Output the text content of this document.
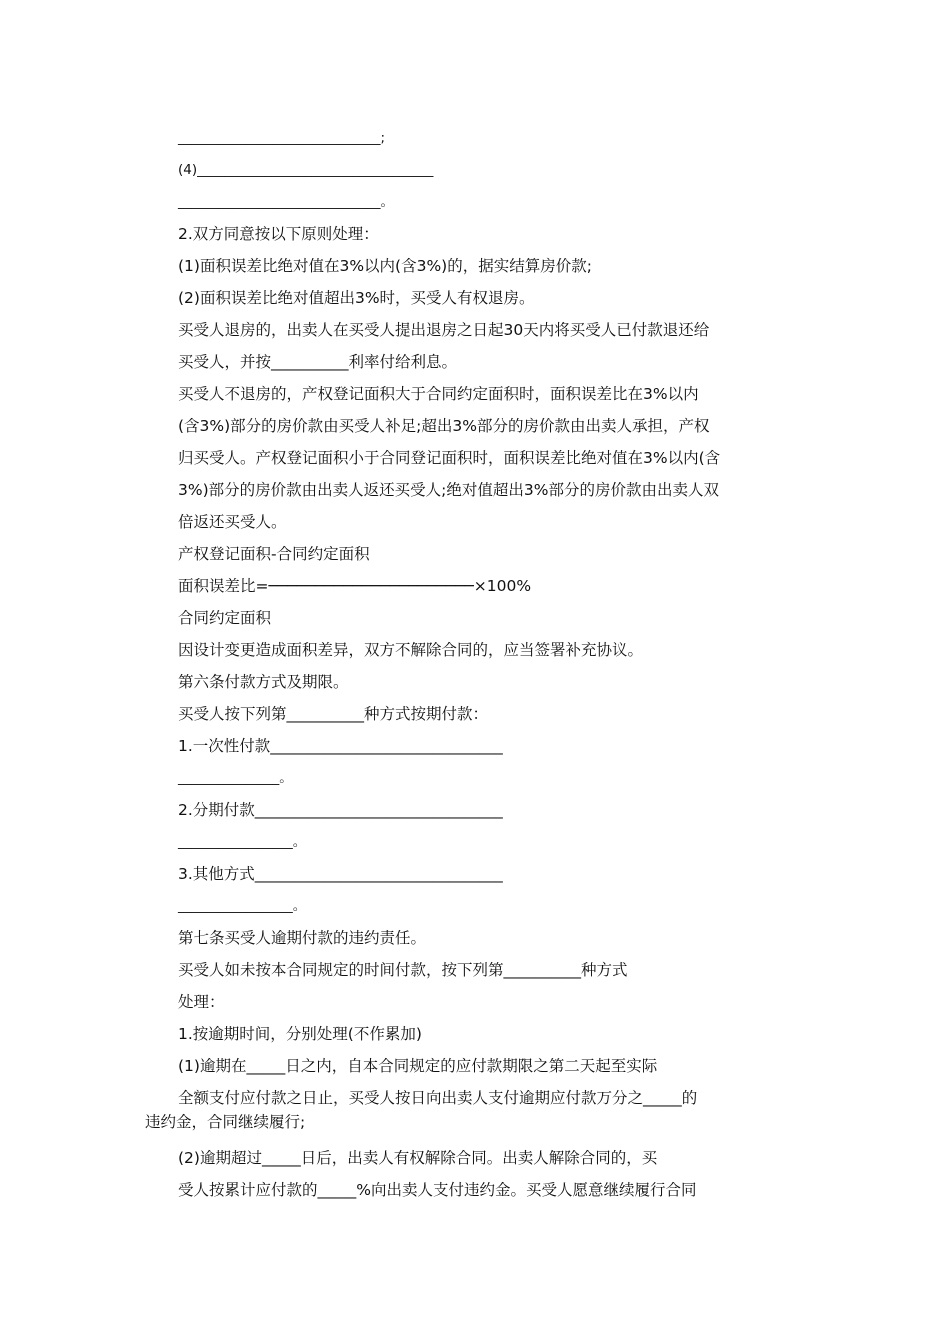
______________________________;
(4)___________________________________
______________________________。
2.双方同意按以下原则处理：
(1)面积误差比绝对值在3%以内(含3%)的，据实结算房价款;
(2)面积误差比绝对值超出3%时，买受人有权退房。
买受人退房的，出卖人在买受人提出退房之日起30天内将买受人已付款退还给
买受人，并按__________利率付给利息。
买受人不退房的，产权登记面积大于合同约定面积时，面积误差比在3%以内
(含3%)部分的房价款由买受人补足;超出3%部分的房价款由出卖人承担，产权
归买受人。产权登记面积小于合同登记面积时，面积误差比绝对值在3%以内(含
3%)部分的房价款由出卖人返还买受人;绝对值超出3%部分的房价款由出卖人双
倍返还买受人。
产权登记面积-合同约定面积
面积误差比=──────────────────────×100%
合同约定面积
因设计变更造成面积差异，双方不解除合同的，应当签署补充协议。
第六条付款方式及期限。
买受人按下列第__________种方式按期付款：
1.一次性付款______________________________
_______________。
2.分期付款________________________________
_________________。
3.其他方式________________________________
_________________。
第七条买受人逾期付款的违约责任。
买受人如未按本合同规定的时间付款，按下列第__________种方式
处理：
1.按逾期时间，分别处理(不作累加)
(1)逾期在_____日之内，自本合同规定的应付款期限之第二天起至实际
全额支付应付款之日止，买受人按日向出卖人支付逾期应付款万分之_____的
违约金，合同继续履行;
(2)逾期超过_____日后，出卖人有权解除合同。出卖人解除合同的，买
受人按累计应付款的_____%向出卖人支付违约金。买受人愿意继续履行合同
